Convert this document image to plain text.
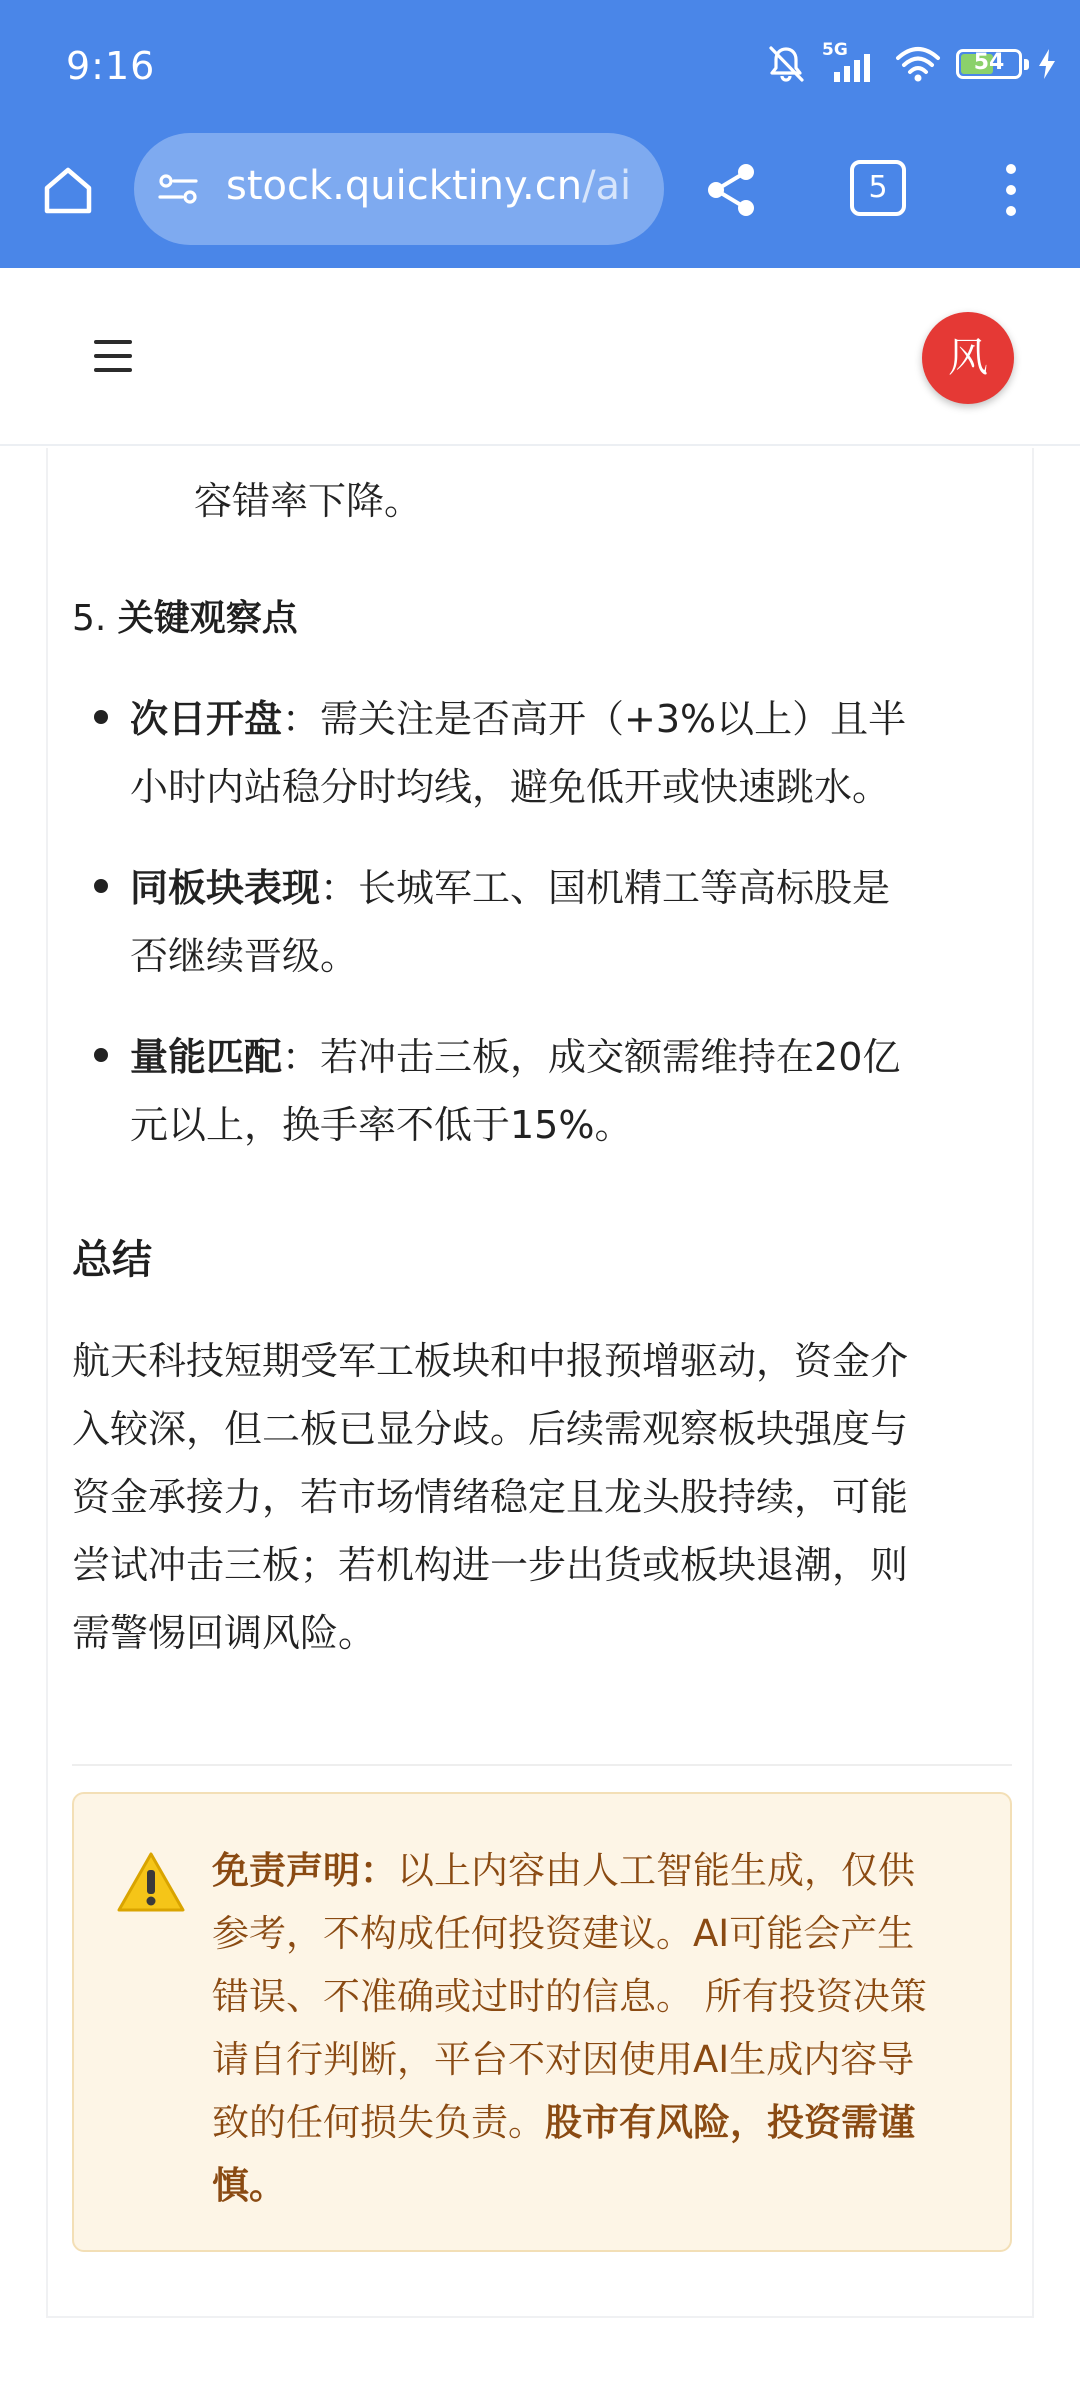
9:16	5G	54
stock.quicktiny.cn/ai	5
风
容错率下降。
5. 关键观察点
次日开盘：需关注是否高开（+3%以上）且半
小时内站稳分时均线，避免低开或快速跳水。
同板块表现：长城军工、国机精工等高标股是
否继续晋级。
量能匹配：若冲击三板，成交额需维持在20亿
元以上，换手率不低于15%。
总结
航天科技短期受军工板块和中报预增驱动，资金介
入较深，但二板已显分歧。后续需观察板块强度与
资金承接力，若市场情绪稳定且龙头股持续，可能
尝试冲击三板；若机构进一步出货或板块退潮，则
需警惕回调风险。
免责声明：以上内容由人工智能生成，仅供
参考，不构成任何投资建议。AI可能会产生
错误、不准确或过时的信息。 所有投资决策
请自行判断，平台不对因使用AI生成内容导
致的任何损失负责。股市有风险，投资需谨
慎。
